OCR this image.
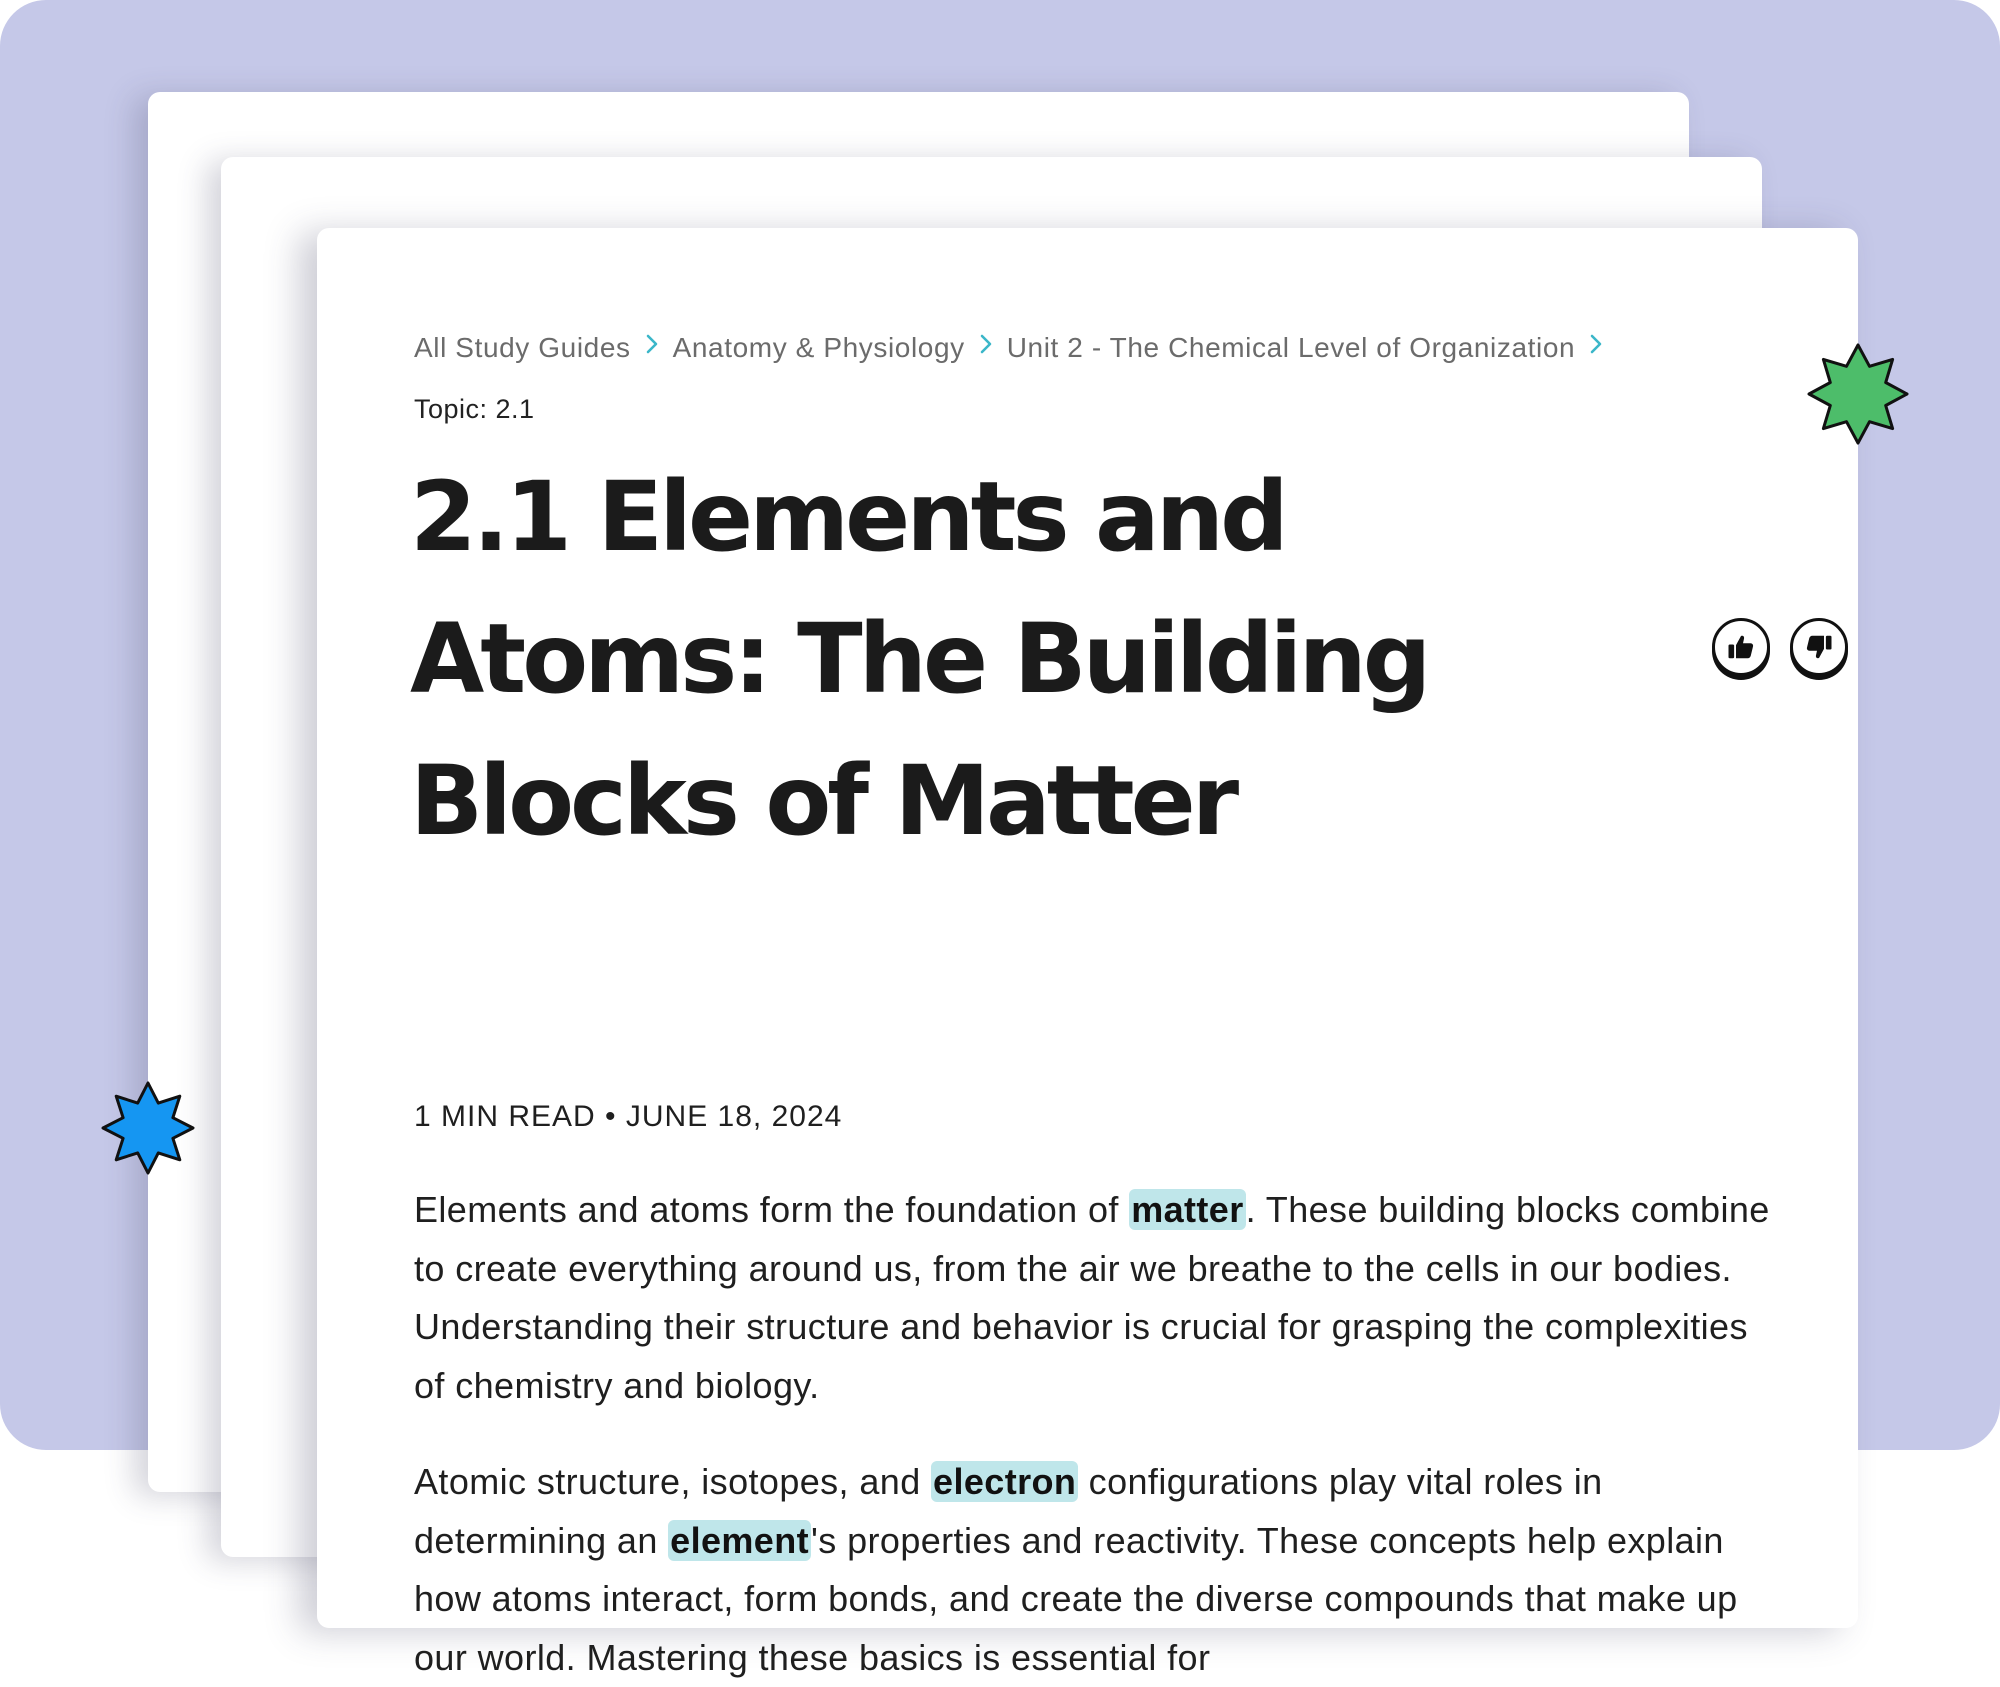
All Study Guides Anatomy & Physiology Unit 2 - The Chemical Level of Organization
Topic: 2.1
2.1 Elements and Atoms: The Building Blocks of Matter
1 MIN READ • JUNE 18, 2024

Elements and atoms form the foundation of matter. These building blocks combine to create everything around us, from the air we breathe to the cells in our bodies. Understanding their structure and behavior is crucial for grasping the complexities of chemistry and biology.

Atomic structure, isotopes, and electron configurations play vital roles in determining an element's properties and reactivity. These concepts help explain how atoms interact, form bonds, and create the diverse compounds that make up our world. Mastering these basics is essential for
